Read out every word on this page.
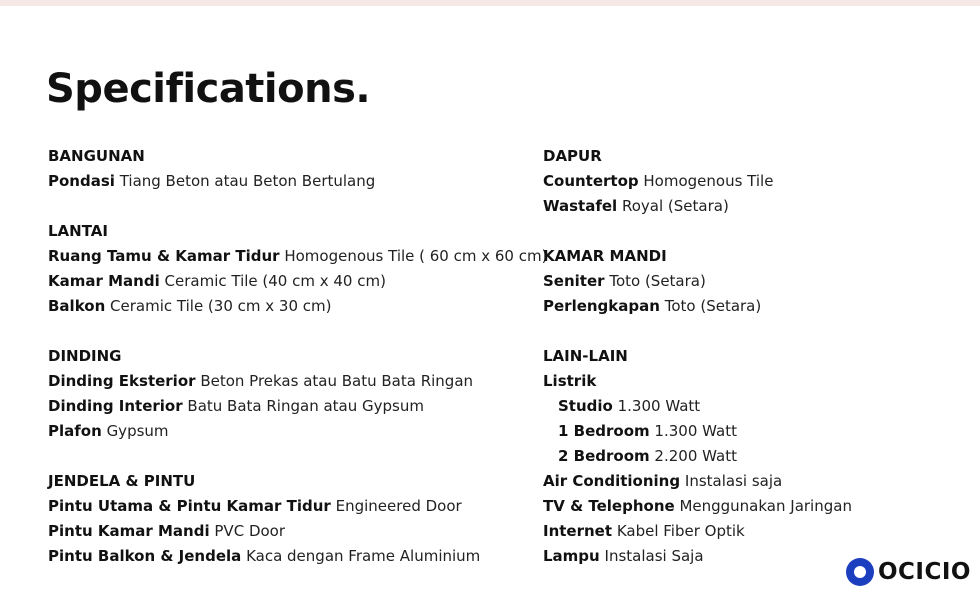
Specifications.
BANGUNAN
Pondasi Tiang Beton atau Beton Bertulang
LANTAI
Ruang Tamu & Kamar Tidur Homogenous Tile ( 60 cm x 60 cm)
Kamar Mandi Ceramic Tile (40 cm x 40 cm)
Balkon Ceramic Tile (30 cm x 30 cm)
DINDING
Dinding Eksterior Beton Prekas atau Batu Bata Ringan
Dinding Interior Batu Bata Ringan atau Gypsum
Plafon Gypsum
JENDELA & PINTU
Pintu Utama & Pintu Kamar Tidur Engineered Door
Pintu Kamar Mandi PVC Door
Pintu Balkon & Jendela Kaca dengan Frame Aluminium
DAPUR
Countertop Homogenous Tile
Wastafel Royal (Setara)
KAMAR MANDI
Seniter Toto (Setara)
Perlengkapan Toto (Setara)
LAIN-LAIN
Listrik
Studio 1.300 Watt
1 Bedroom 1.300 Watt
2 Bedroom 2.200 Watt
Air Conditioning Instalasi saja
TV & Telephone Menggunakan Jaringan
Internet Kabel Fiber Optik
Lampu Instalasi Saja
OCICIO
